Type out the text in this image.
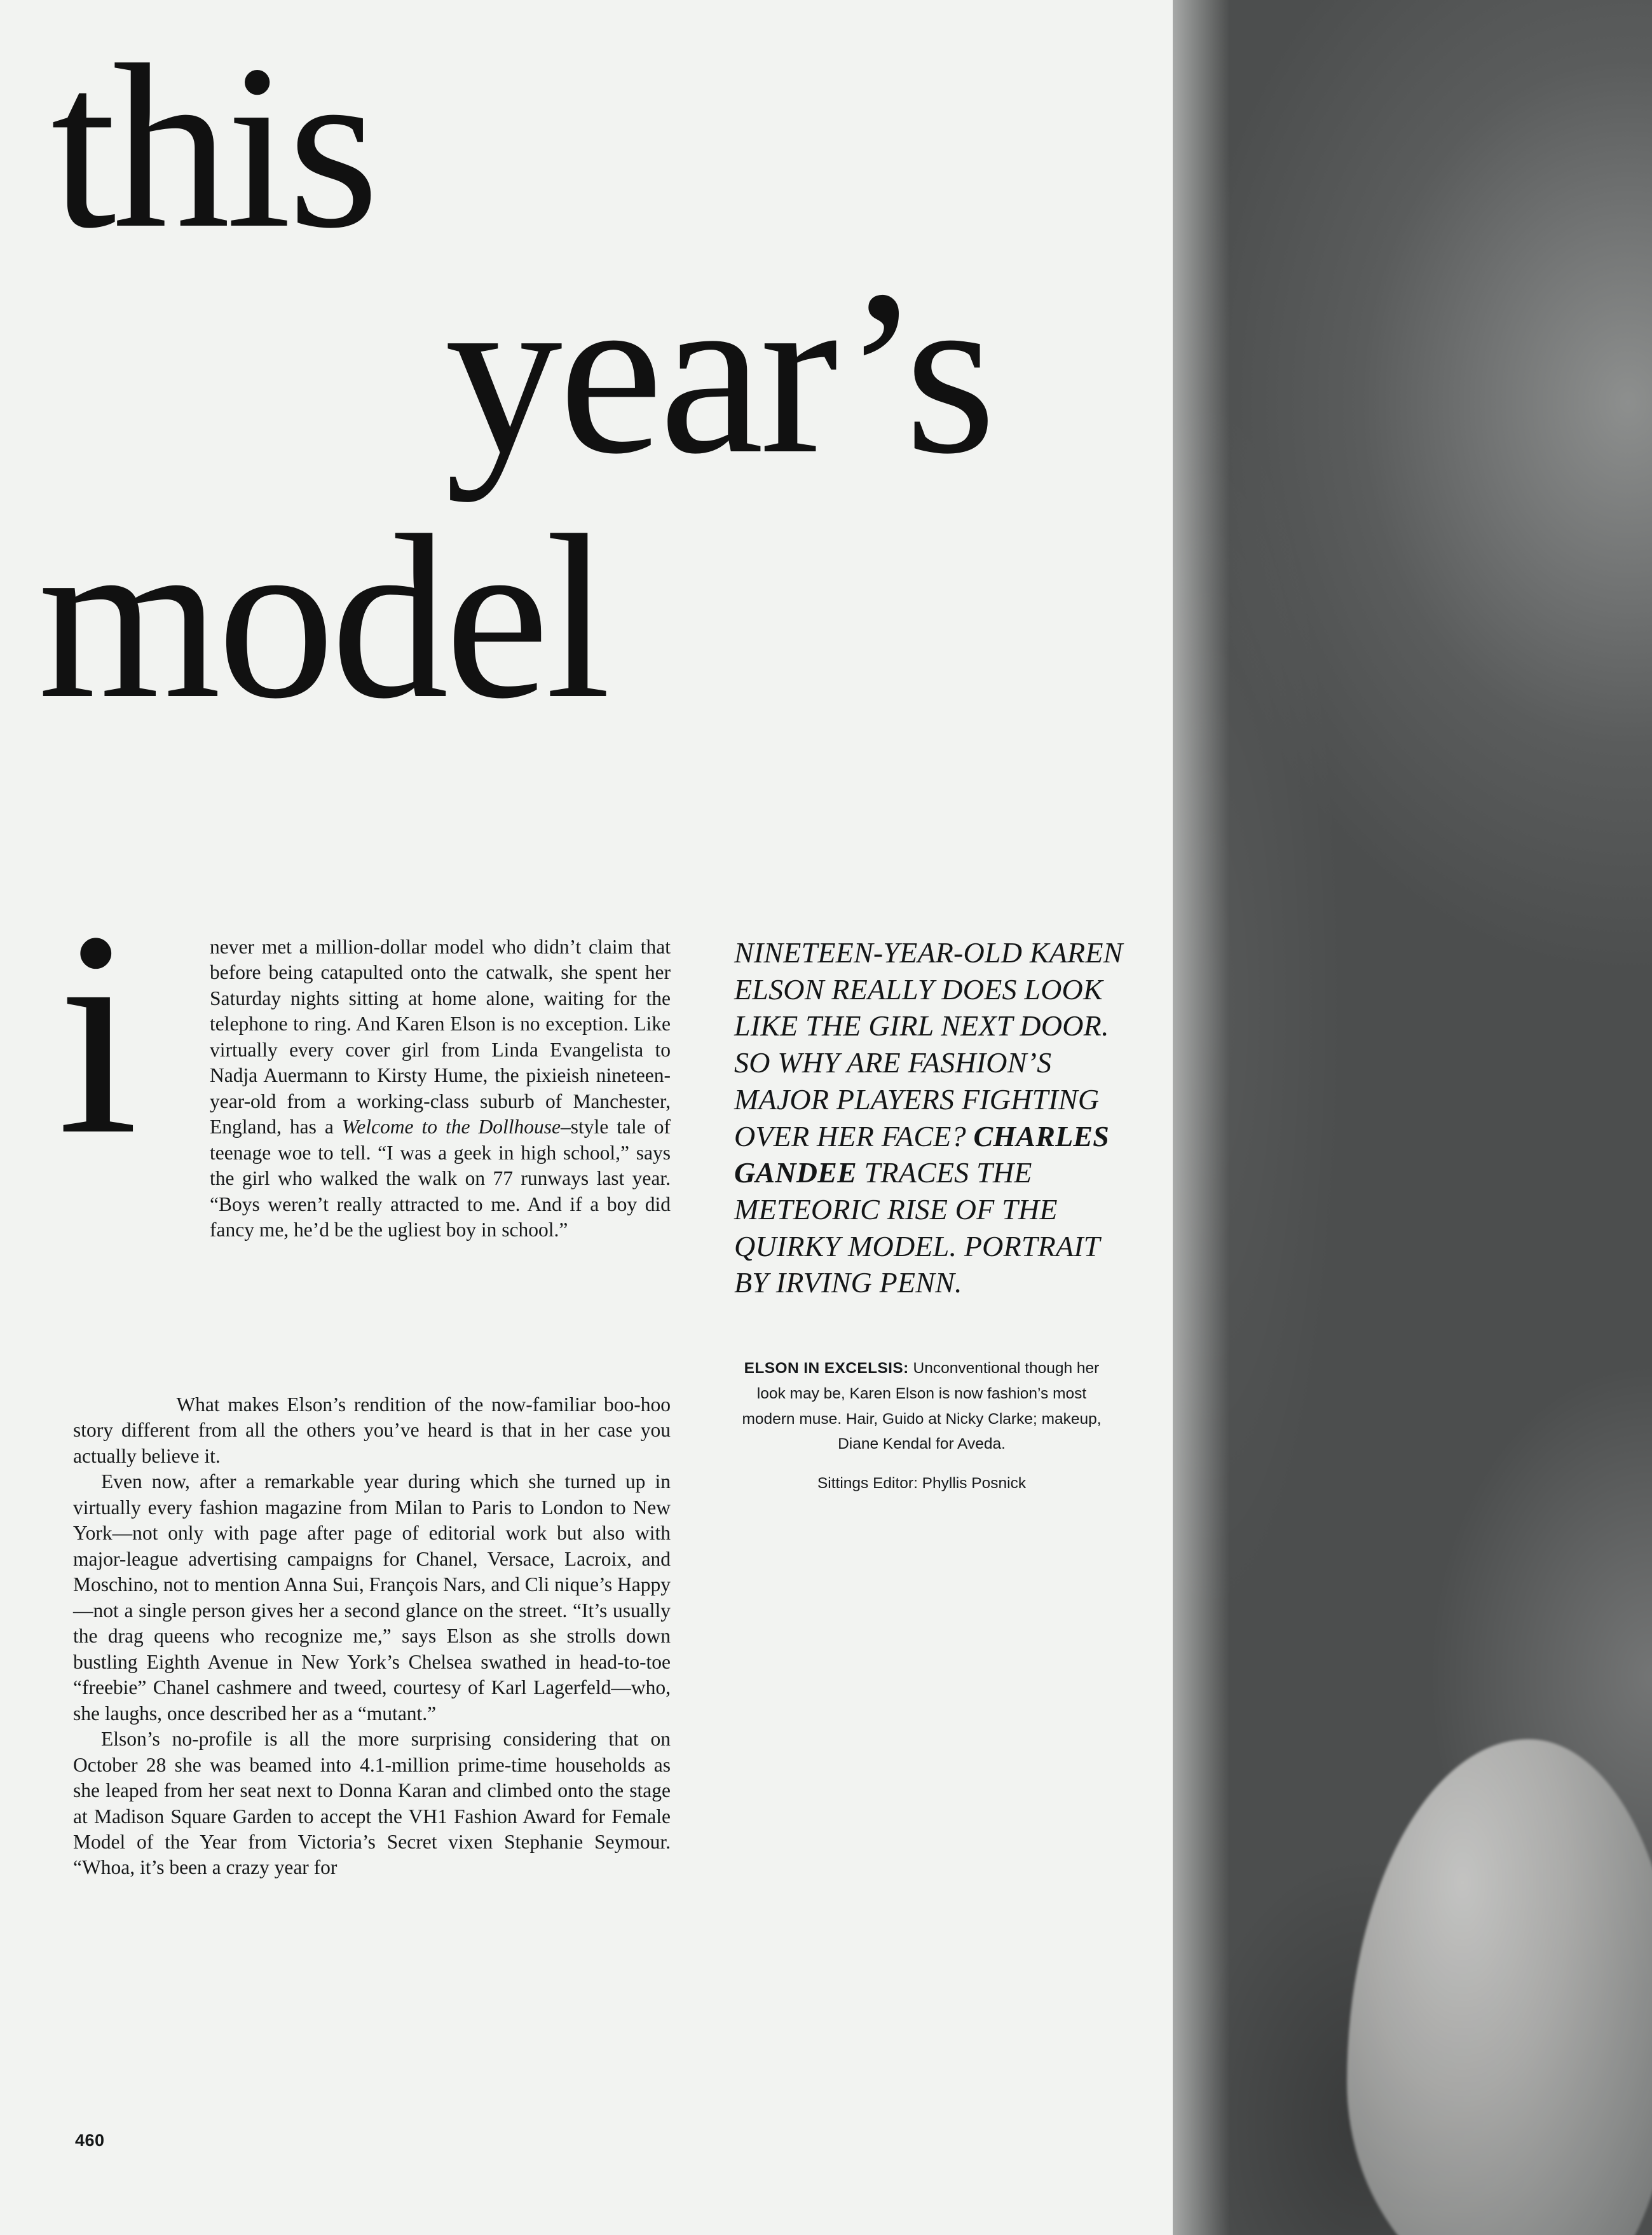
this
year’s
model
i	never met a million-dollar model who didn’t claim that before being catapulted onto the catwalk, she spent her Saturday nights sitting at home alone, waiting for the telephone to ring. And Karen Elson is no exception. Like virtually every cover girl from Linda Evangelista to Nadja Auermann to Kirsty Hume, the pixieish nineteen-year-old from a working-class suburb of Manchester, England, has a Welcome to the Dollhouse–style tale of teenage woe to tell. “I was a geek in high school,” says the girl who walked the walk on 77 runways last year. “Boys weren’t really attracted to me. And if a boy did fancy me, he’d be the ugliest boy in school.”

What makes Elson’s rendition of the now-familiar boo-hoo story different from all the others you’ve heard is that in her case you actually believe it.

Even now, after a remarkable year during which she turned up in virtually every fashion magazine from Milan to Paris to London to New York—not only with page after page of editorial work but also with major-league advertising campaigns for Chanel, Versace, Lacroix, and Moschino, not to mention Anna Sui, François Nars, and Cli nique’s Happy—not a single person gives her a second glance on the street. “It’s usually the drag queens who recognize me,” says Elson as she strolls down bustling Eighth Avenue in New York’s Chelsea swathed in head-to-toe “freebie” Chanel cashmere and tweed, courtesy of Karl Lagerfeld—who, she laughs, once described her as a “mutant.”

Elson’s no-profile is all the more surprising considering that on October 28 she was beamed into 4.1-million prime-time households as she leaped from her seat next to Donna Karan and climbed onto the stage at Madison Square Garden to accept the VH1 Fashion Award for Female Model of the Year from Victoria’s Secret vixen Stephanie Seymour. “Whoa, it’s been a crazy year for

NINETEEN-YEAR-OLD KAREN ELSON REALLY DOES LOOK LIKE THE GIRL NEXT DOOR. SO WHY ARE FASHION’S MAJOR PLAYERS FIGHTING OVER HER FACE? CHARLES GANDEE TRACES THE METEORIC RISE OF THE QUIRKY MODEL. PORTRAIT BY IRVING PENN.

ELSON IN EXCELSIS: Unconventional though her look may be, Karen Elson is now fashion’s most modern muse. Hair, Guido at Nicky Clarke; makeup, Diane Kendal for Aveda.
Sittings Editor: Phyllis Posnick
460
